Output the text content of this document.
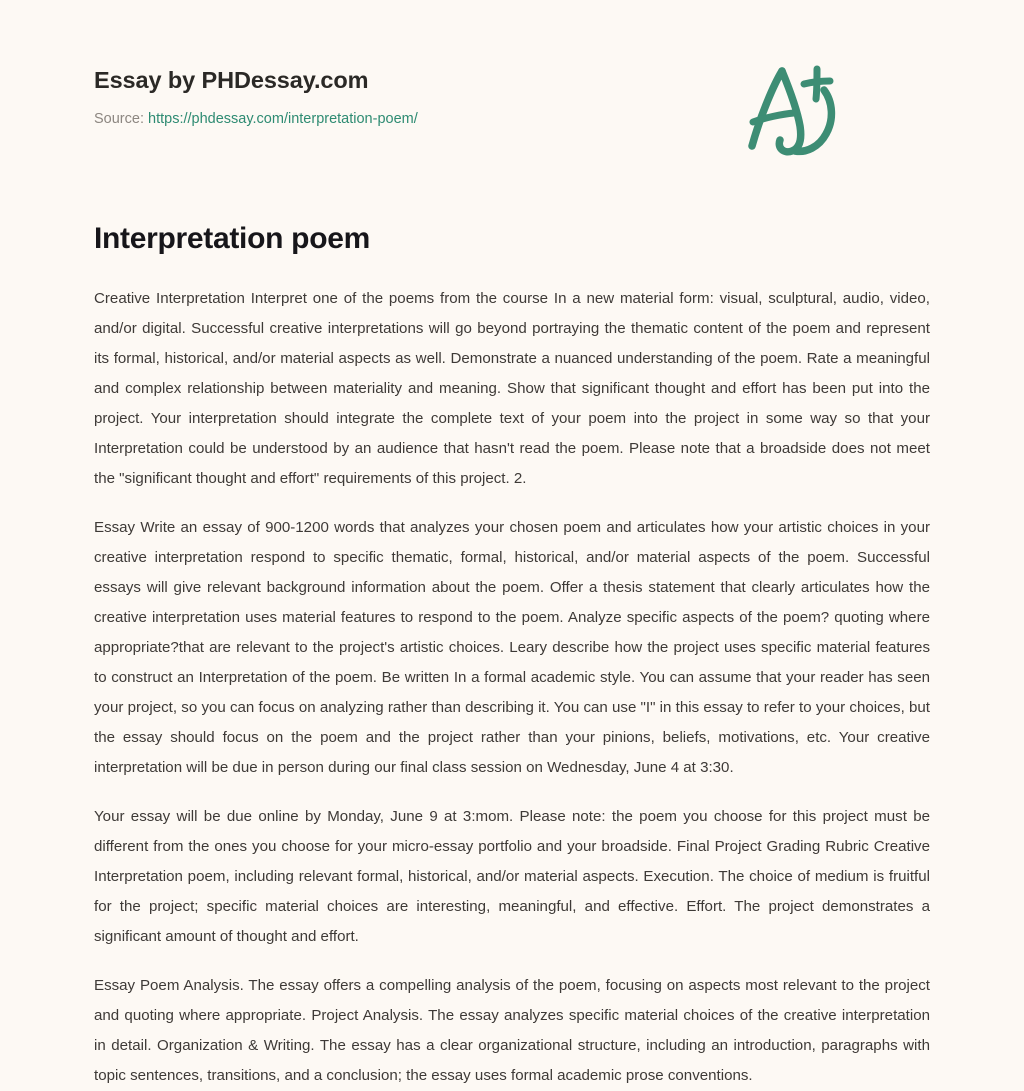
Essay by PHDessay.com
Source: https://phdessay.com/interpretation-poem/
Interpretation poem

Creative Interpretation Interpret one of the poems from the course In a new material form: visual, sculptural, audio, video, and/or digital. Successful creative interpretations will go beyond portraying the thematic content of the poem and represent its formal, historical, and/or material aspects as well. Demonstrate a nuanced understanding of the poem. Rate a meaningful and complex relationship between materiality and meaning. Show that significant thought and effort has been put into the project. Your interpretation should integrate the complete text of your poem into the project in some way so that your Interpretation could be understood by an audience that hasn't read the poem. Please note that a broadside does not meet the "significant thought and effort" requirements of this project. 2.

Essay Write an essay of 900-1200 words that analyzes your chosen poem and articulates how your artistic choices in your creative interpretation respond to specific thematic, formal, historical, and/or material aspects of the poem. Successful essays will give relevant background information about the poem. Offer a thesis statement that clearly articulates how the creative interpretation uses material features to respond to the poem. Analyze specific aspects of the poem? quoting where appropriate?that are relevant to the project's artistic choices. Leary describe how the project uses specific material features to construct an Interpretation of the poem. Be written In a formal academic style. You can assume that your reader has seen your project, so you can focus on analyzing rather than describing it. You can use "I" in this essay to refer to your choices, but the essay should focus on the poem and the project rather than your pinions, beliefs, motivations, etc. Your creative interpretation will be due in person during our final class session on Wednesday, June 4 at 3:30.

Your essay will be due online by Monday, June 9 at 3:mom. Please note: the poem you choose for this project must be different from the ones you choose for your micro-essay portfolio and your broadside. Final Project Grading Rubric Creative Interpretation poem, including relevant formal, historical, and/or material aspects. Execution. The choice of medium is fruitful for the project; specific material choices are interesting, meaningful, and effective. Effort. The project demonstrates a significant amount of thought and effort.

Essay Poem Analysis. The essay offers a compelling analysis of the poem, focusing on aspects most relevant to the project and quoting where appropriate. Project Analysis. The essay analyzes specific material choices of the creative interpretation in detail. Organization & Writing. The essay has a clear organizational structure, including an introduction, paragraphs with topic sentences, transitions, and a conclusion; the essay uses formal academic prose conventions.
